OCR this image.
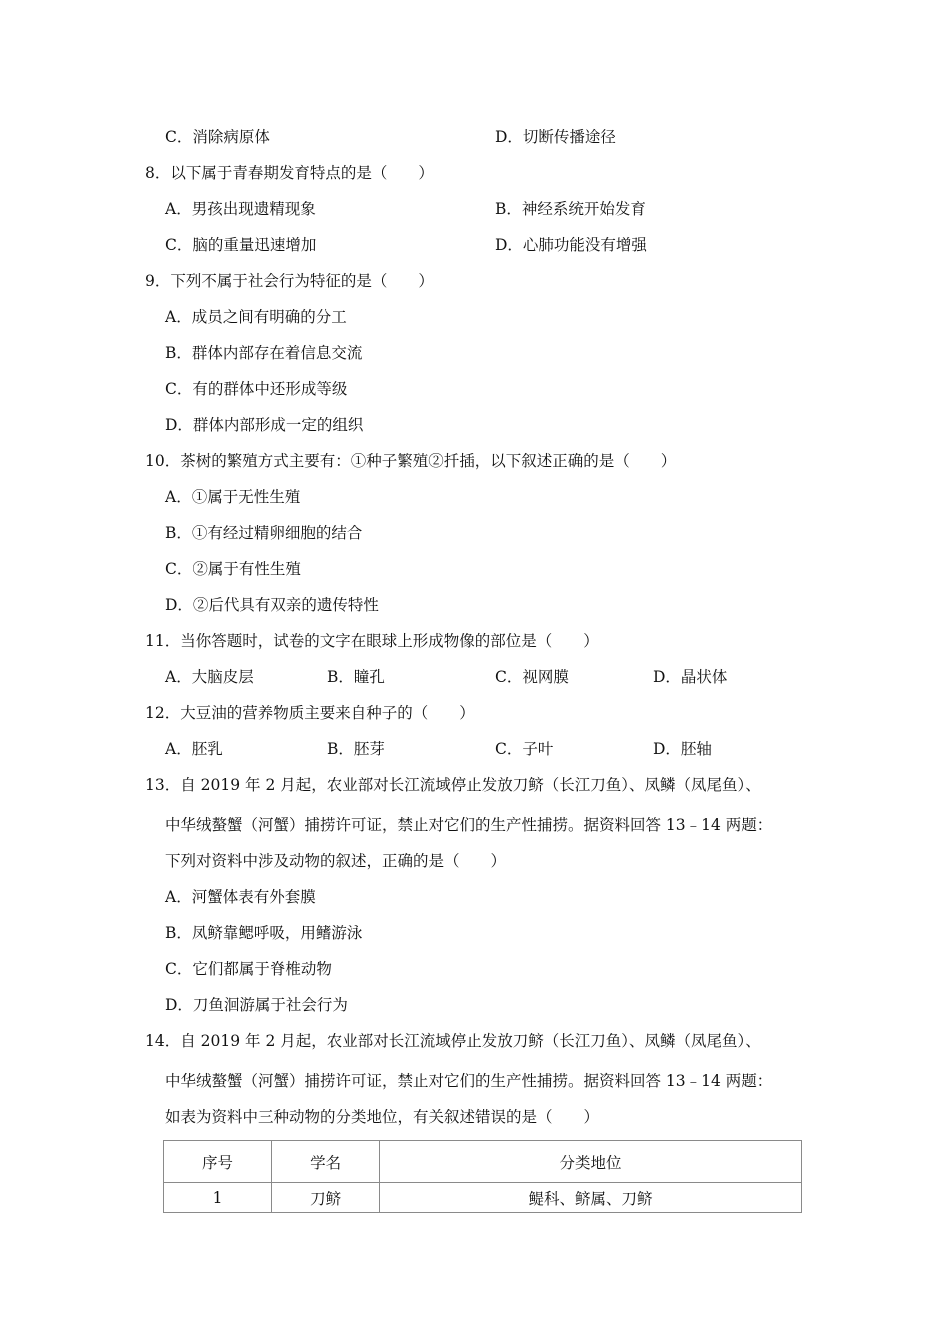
C．消除病原体	D．切断传播途径
8．以下属于青春期发育特点的是（　　）
A．男孩出现遗精现象	B．神经系统开始发育
C．脑的重量迅速增加	D．心肺功能没有增强
9．下列不属于社会行为特征的是（　　）
A．成员之间有明确的分工
B．群体内部存在着信息交流
C．有的群体中还形成等级
D．群体内部形成一定的组织
10．茶树的繁殖方式主要有：①种子繁殖②扦插，以下叙述正确的是（　　）
A．①属于无性生殖
B．①有经过精卵细胞的结合
C．②属于有性生殖
D．②后代具有双亲的遗传特性
11．当你答题时，试卷的文字在眼球上形成物像的部位是（　　）
A．大脑皮层	B．瞳孔	C．视网膜	D．晶状体
12．大豆油的营养物质主要来自种子的（　　）
A．胚乳	B．胚芽	C．子叶	D．胚轴
13．自 2019 年 2 月起，农业部对长江流域停止发放刀鲚（长江刀鱼）、凤鳞（凤尾鱼）、
中华绒螯蟹（河蟹）捕捞许可证，禁止对它们的生产性捕捞。据资料回答 13﹣14 两题：
下列对资料中涉及动物的叙述，正确的是（　　）
A．河蟹体表有外套膜
B．凤鲚靠鳃呼吸，用鳍游泳
C．它们都属于脊椎动物
D．刀鱼洄游属于社会行为
14．自 2019 年 2 月起，农业部对长江流域停止发放刀鲚（长江刀鱼）、凤鳞（凤尾鱼）、
中华绒螯蟹（河蟹）捕捞许可证，禁止对它们的生产性捕捞。据资料回答 13﹣14 两题：
如表为资料中三种动物的分类地位，有关叙述错误的是（　　）
序号	学名	分类地位
1	刀鲚	鳀科、鲚属、刀鲚
